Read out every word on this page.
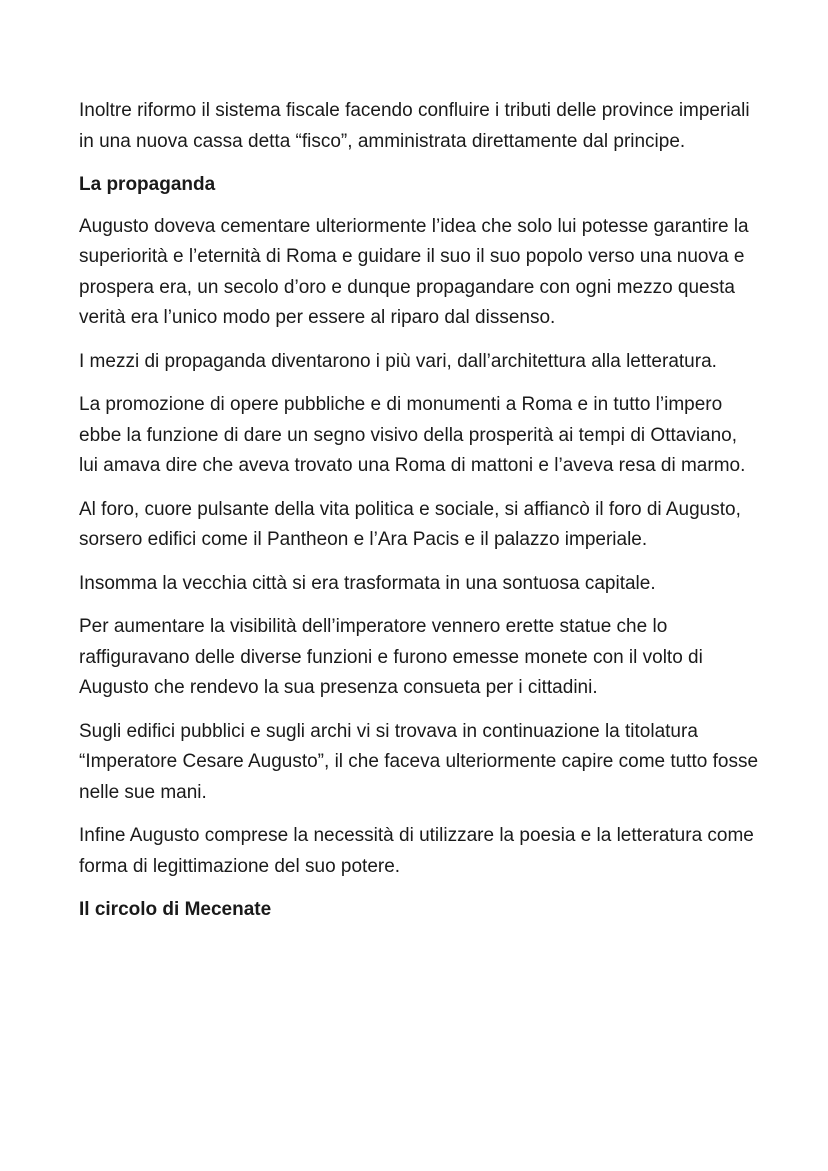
Inoltre riformo il sistema fiscale facendo confluire i tributi delle province imperiali in una nuova cassa detta “fisco”, amministrata direttamente dal principe.

La propaganda

Augusto doveva cementare ulteriormente l’idea che solo lui potesse garantire la superiorità e l’eternità di Roma e guidare il suo il suo popolo verso una nuova e prospera era, un secolo d’oro e dunque propagandare con ogni mezzo questa verità era l’unico modo per essere al riparo dal dissenso.

I mezzi di propaganda diventarono i più vari, dall’architettura alla letteratura.

La promozione di opere pubbliche e di monumenti a Roma e in tutto l’impero ebbe la funzione di dare un segno visivo della prosperità ai tempi di Ottaviano, lui amava dire che aveva trovato una Roma di mattoni e l’aveva resa di marmo.

Al foro, cuore pulsante della vita politica e sociale, si affiancò il foro di Augusto, sorsero edifici come il Pantheon e l’Ara Pacis e il palazzo imperiale.

Insomma la vecchia città si era trasformata in una sontuosa capitale.

Per aumentare la visibilità dell’imperatore vennero erette statue che lo raffiguravano delle diverse funzioni e furono emesse monete con il volto di Augusto che rendevo la sua presenza consueta per i cittadini.

Sugli edifici pubblici e sugli archi vi si trovava in continuazione la titolatura “Imperatore Cesare Augusto”, il che faceva ulteriormente capire come tutto fosse nelle sue mani.

Infine Augusto comprese la necessità di utilizzare la poesia e la letteratura come forma di legittimazione del suo potere.

Il circolo di Mecenate
